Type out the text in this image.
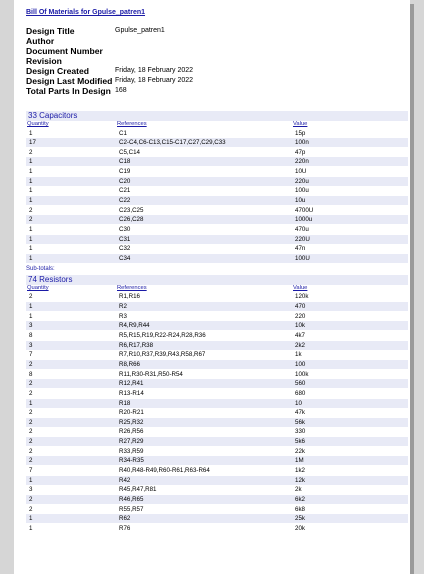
Bill Of Materials for Gpulse_patren1
Design Title	Gpulse_patren1
Author
Document Number
Revision
Design Created	Friday, 18 February 2022
Design Last Modified Friday, 18 February 2022
Total Parts In Design 168
33 Capacitors
Quantity	References	Value
1	C1	15p
17	C2-C4,C6-C13,C15-C17,C27,C29,C33	100n
2	C5,C14	47p
1	C18	220n
1	C19	10U
1	C20	220u
1	C21	100u
1	C22	10u
2	C23,C25	4700U
2	C26,C28	1000u
1	C30	470u
1	C31	220U
1	C32	47n
1	C34	100U
Sub-totals:
74 Resistors
Quantity	References	Value
2	R1,R16	120k
1	R2	470
1	R3	220
3	R4,R9,R44	10k
8	R5,R15,R19,R22-R24,R28,R36	4k7
3	R6,R17,R38	2k2
7	R7,R10,R37,R39,R43,R58,R67	1k
2	R8,R66	100
8	R11,R30-R31,R50-R54	100k
2	R12,R41	560
2	R13-R14	680
1	R18	10
2	R20-R21	47k
2	R25,R32	56k
2	R26,R56	330
2	R27,R29	5k6
2	R33,R59	22k
2	R34-R35	1M
7	R40,R48-R49,R60-R61,R63-R64	1k2
1	R42	12k
3	R45,R47,R81	2k
2	R46,R65	6k2
2	R55,R57	6k8
1	R62	25k
1	R76	20k
